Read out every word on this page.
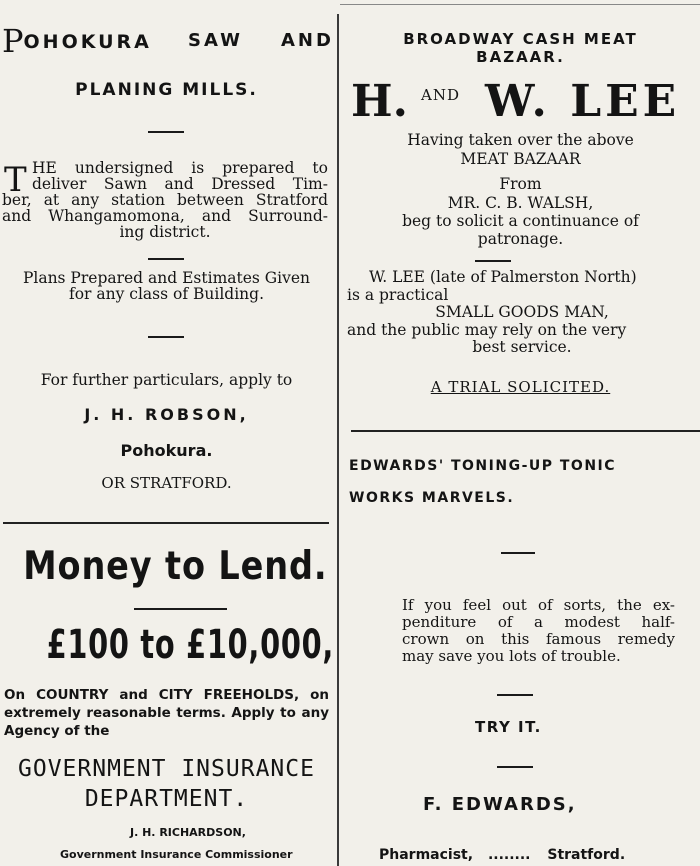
POHOKURA SAW AND
PLANING MILLS.
T HE undersigned is prepared to
deliver Sawn and Dressed Tim-
ber, at any station between Stratford
and Whangamomona, and Surround-
ing district.
Plans Prepared and Estimates Given
for any class of Building.
For further particulars, apply to
J. H. ROBSON,
Pohokura.
OR STRATFORD.
Money to Lend.
£100 to £10,000,
On COUNTRY and CITY FREEHOLDS, on
extremely reasonable terms. Apply to any
Agency of the
GOVERNMENT INSURANCE
DEPARTMENT.
J. H. RICHARDSON,
Government Insurance Commissioner
BROADWAY CASH MEAT
BAZAAR.
H. AND W. LEE
Having taken over the above
MEAT BAZAAR
From
MR. C. B. WALSH,
beg to solicit a continuance of
patronage.
W. LEE (late of Palmerston North)
is a practical
SMALL GOODS MAN,
and the public may rely on the very
best service.
A TRIAL SOLICITED.
EDWARDS' TONING-UP TONIC
WORKS MARVELS.
If you feel out of sorts, the ex-
penditure of a modest half-
crown on this famous remedy
may save you lots of trouble.
TRY IT.
F. EDWARDS,
Pharmacist, ........ Stratford.
